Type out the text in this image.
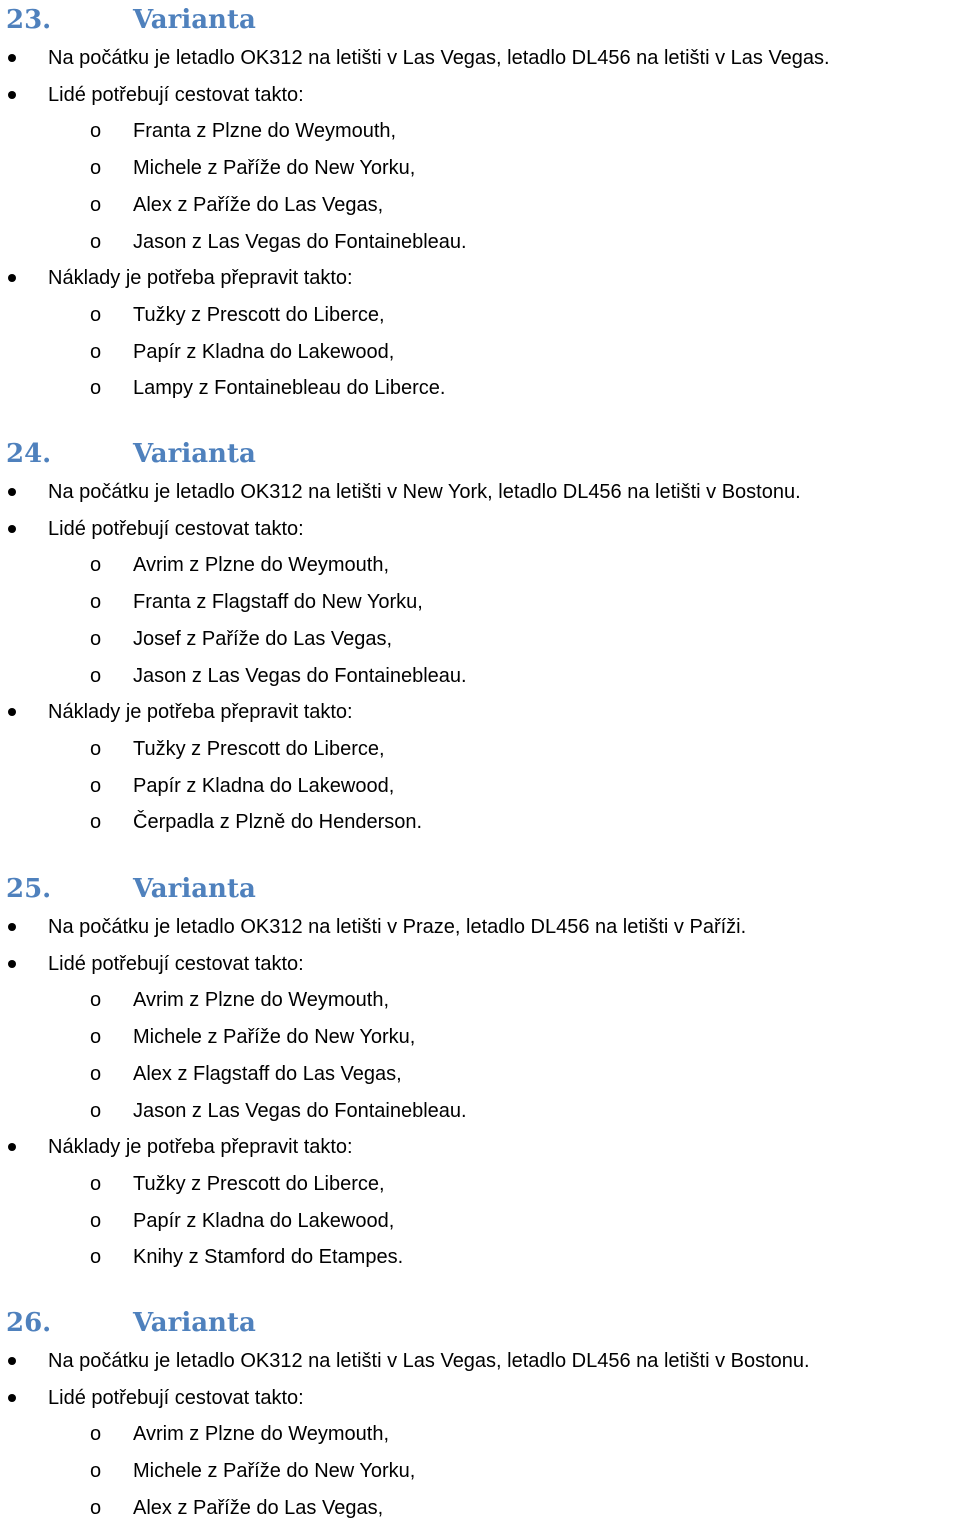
23.	Varianta
Na počátku je letadlo OK312 na letišti v Las Vegas, letadlo DL456 na letišti v Las Vegas.
Lidé potřebují cestovat takto:
o Franta z Plzne do Weymouth,
o Michele z Paříže do New Yorku,
o Alex z Paříže do Las Vegas,
o Jason z Las Vegas do Fontainebleau.
Náklady je potřeba přepravit takto:
o Tužky z Prescott do Liberce,
o Papír z Kladna do Lakewood,
o Lampy z Fontainebleau do Liberce.
24.	Varianta
Na počátku je letadlo OK312 na letišti v New York, letadlo DL456 na letišti v Bostonu.
Lidé potřebují cestovat takto:
o Avrim z Plzne do Weymouth,
o Franta z Flagstaff do New Yorku,
o Josef z Paříže do Las Vegas,
o Jason z Las Vegas do Fontainebleau.
Náklady je potřeba přepravit takto:
o Tužky z Prescott do Liberce,
o Papír z Kladna do Lakewood,
o Čerpadla z Plzně do Henderson.
25.	Varianta
Na počátku je letadlo OK312 na letišti v Praze, letadlo DL456 na letišti v Paříži.
Lidé potřebují cestovat takto:
o Avrim z Plzne do Weymouth,
o Michele z Paříže do New Yorku,
o Alex z Flagstaff do Las Vegas,
o Jason z Las Vegas do Fontainebleau.
Náklady je potřeba přepravit takto:
o Tužky z Prescott do Liberce,
o Papír z Kladna do Lakewood,
o Knihy z Stamford do Etampes.
26.	Varianta
Na počátku je letadlo OK312 na letišti v Las Vegas, letadlo DL456 na letišti v Bostonu.
Lidé potřebují cestovat takto:
o Avrim z Plzne do Weymouth,
o Michele z Paříže do New Yorku,
o Alex z Paříže do Las Vegas,
